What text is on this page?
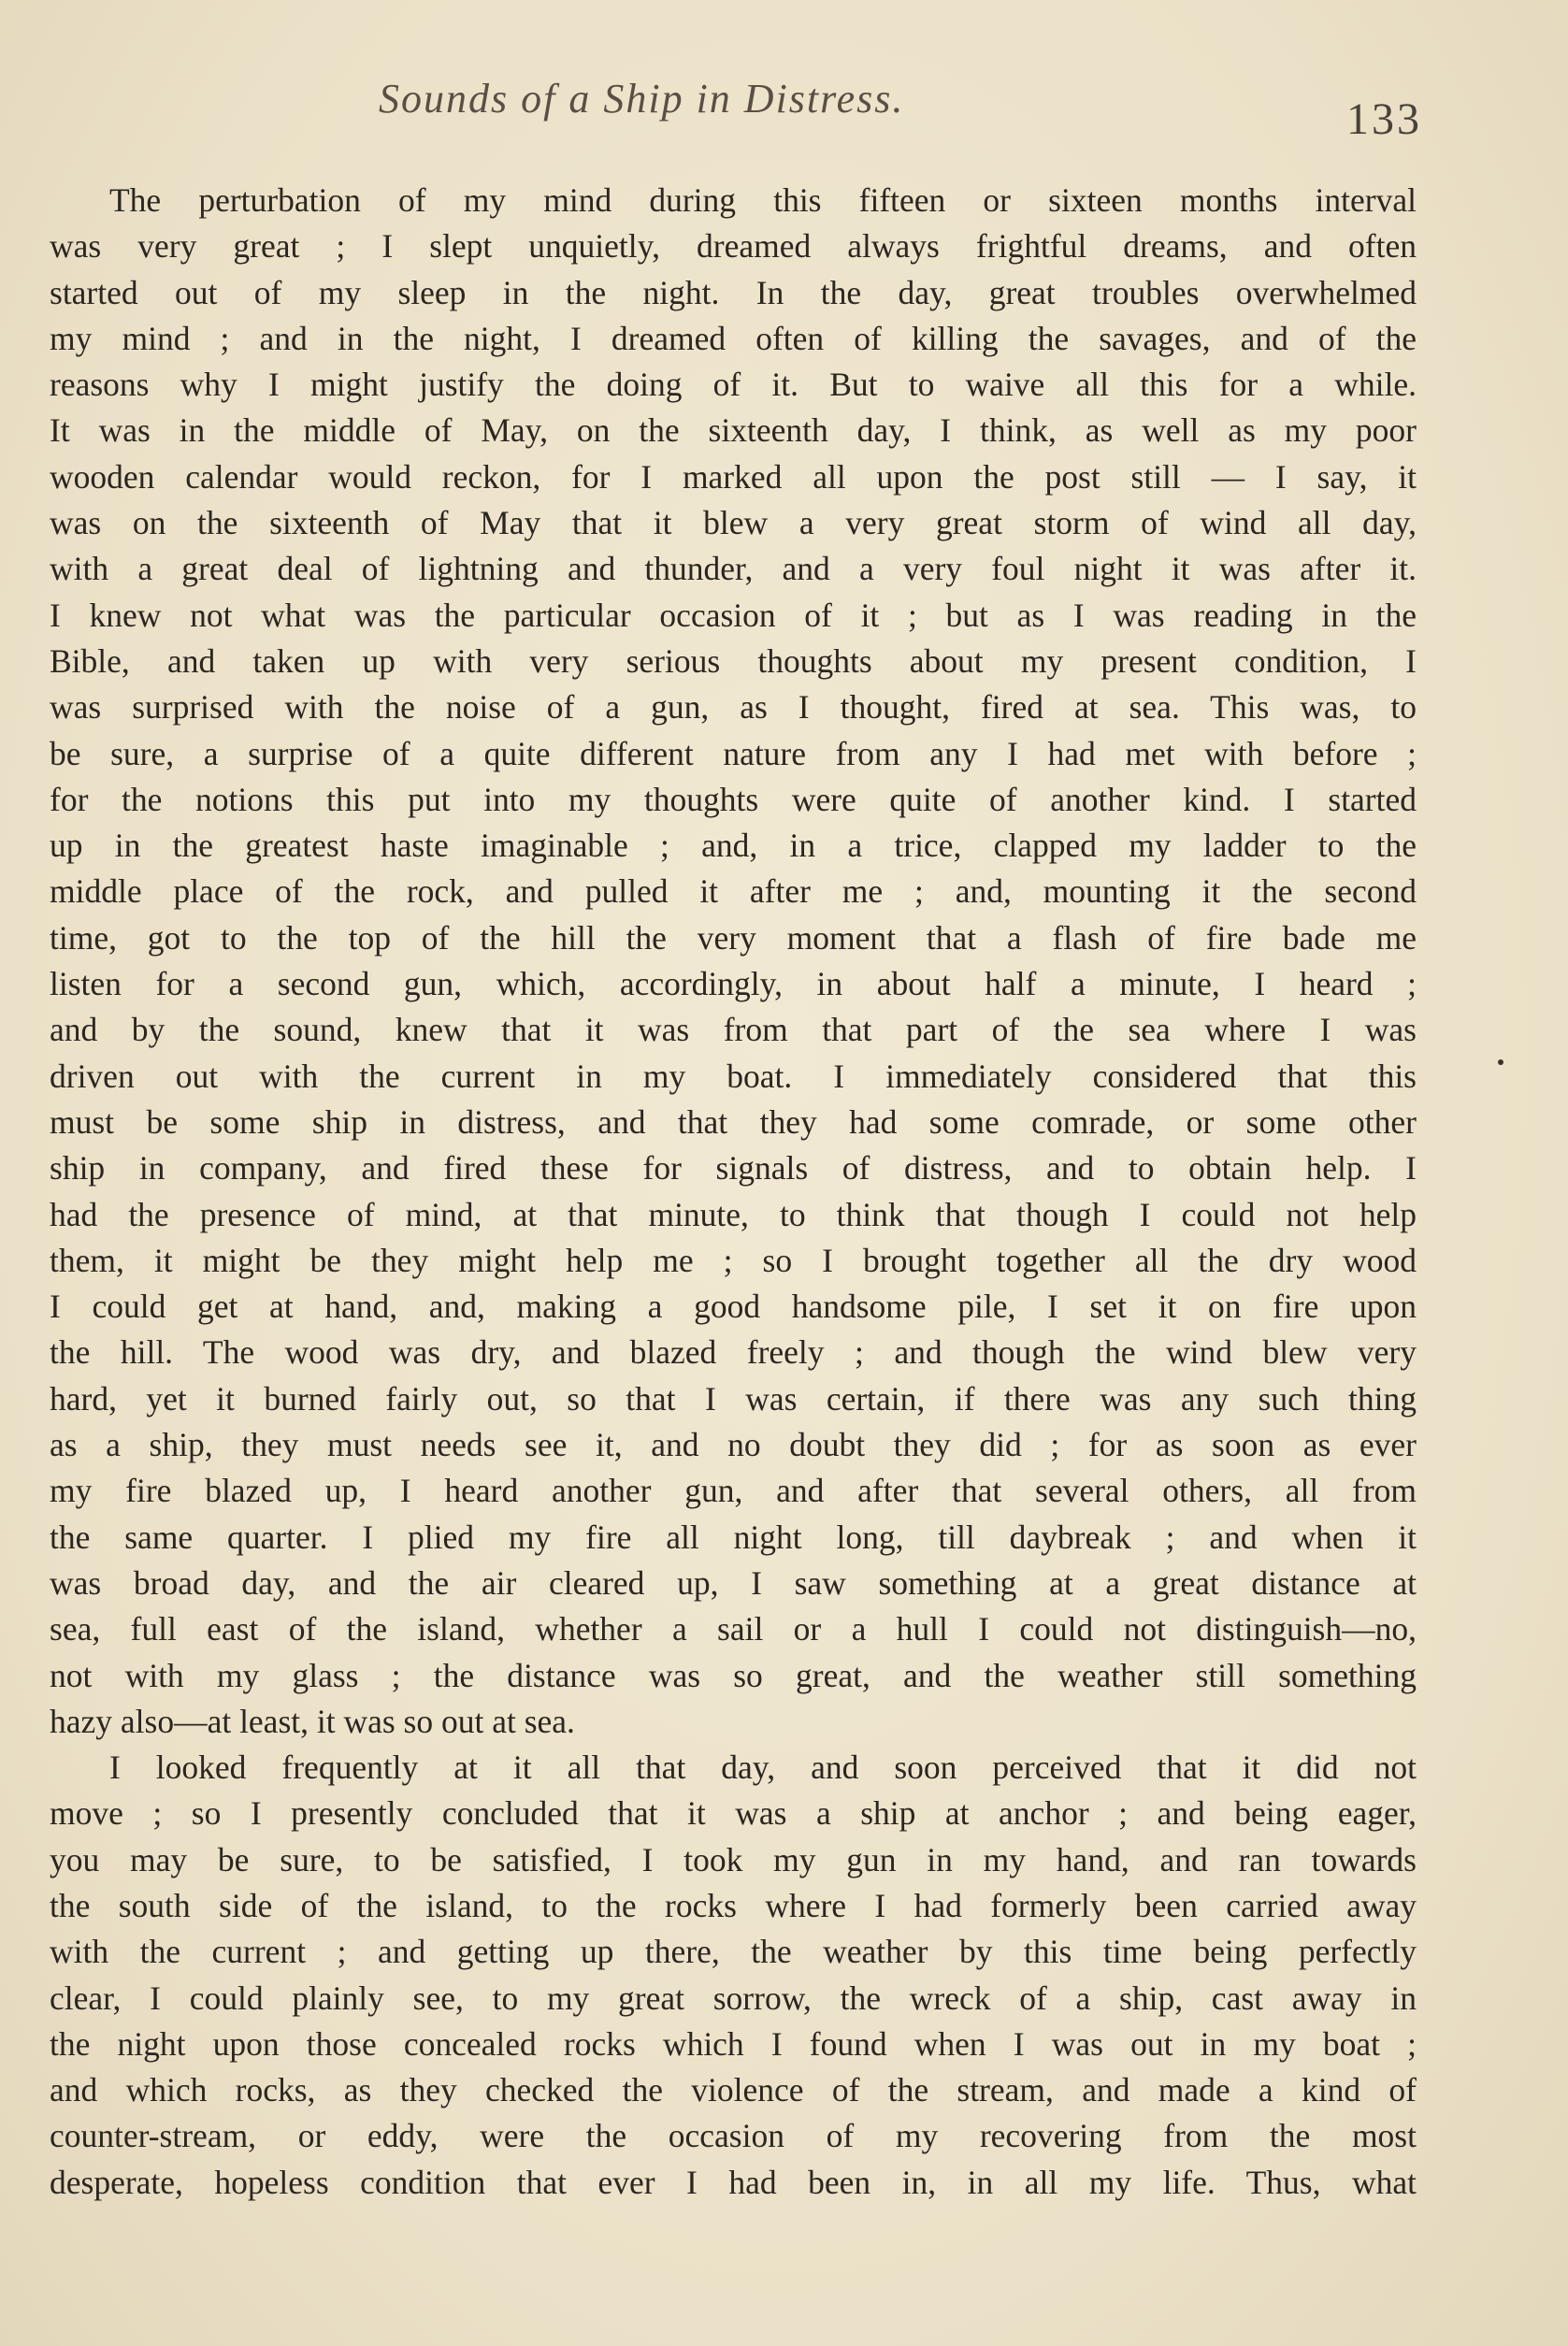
Sounds of a Ship in Distress.	133
The perturbation of my mind during this fifteen or sixteen months interval
was very great ; I slept unquietly, dreamed always frightful dreams, and often
started out of my sleep in the night. In the day, great troubles overwhelmed
my mind ; and in the night, I dreamed often of killing the savages, and of the
reasons why I might justify the doing of it. But to waive all this for a while.
It was in the middle of May, on the sixteenth day, I think, as well as my poor
wooden calendar would reckon, for I marked all upon the post still — I say, it
was on the sixteenth of May that it blew a very great storm of wind all day,
with a great deal of lightning and thunder, and a very foul night it was after it.
I knew not what was the particular occasion of it ; but as I was reading in the
Bible, and taken up with very serious thoughts about my present condition, I
was surprised with the noise of a gun, as I thought, fired at sea. This was, to
be sure, a surprise of a quite different nature from any I had met with before ;
for the notions this put into my thoughts were quite of another kind. I started
up in the greatest haste imaginable ; and, in a trice, clapped my ladder to the
middle place of the rock, and pulled it after me ; and, mounting it the second
time, got to the top of the hill the very moment that a flash of fire bade me
listen for a second gun, which, accordingly, in about half a minute, I heard ;
and by the sound, knew that it was from that part of the sea where I was
driven out with the current in my boat. I immediately considered that this
must be some ship in distress, and that they had some comrade, or some other
ship in company, and fired these for signals of distress, and to obtain help. I
had the presence of mind, at that minute, to think that though I could not help
them, it might be they might help me ; so I brought together all the dry wood
I could get at hand, and, making a good handsome pile, I set it on fire upon
the hill. The wood was dry, and blazed freely ; and though the wind blew very
hard, yet it burned fairly out, so that I was certain, if there was any such thing
as a ship, they must needs see it, and no doubt they did ; for as soon as ever
my fire blazed up, I heard another gun, and after that several others, all from
the same quarter. I plied my fire all night long, till daybreak ; and when it
was broad day, and the air cleared up, I saw something at a great distance at
sea, full east of the island, whether a sail or a hull I could not distinguish—no,
not with my glass ; the distance was so great, and the weather still something
hazy also—at least, it was so out at sea.
I looked frequently at it all that day, and soon perceived that it did not
move ; so I presently concluded that it was a ship at anchor ; and being eager,
you may be sure, to be satisfied, I took my gun in my hand, and ran towards
the south side of the island, to the rocks where I had formerly been carried away
with the current ; and getting up there, the weather by this time being perfectly
clear, I could plainly see, to my great sorrow, the wreck of a ship, cast away in
the night upon those concealed rocks which I found when I was out in my boat ;
and which rocks, as they checked the violence of the stream, and made a kind of
counter-stream, or eddy, were the occasion of my recovering from the most
desperate, hopeless condition that ever I had been in, in all my life. Thus, what
